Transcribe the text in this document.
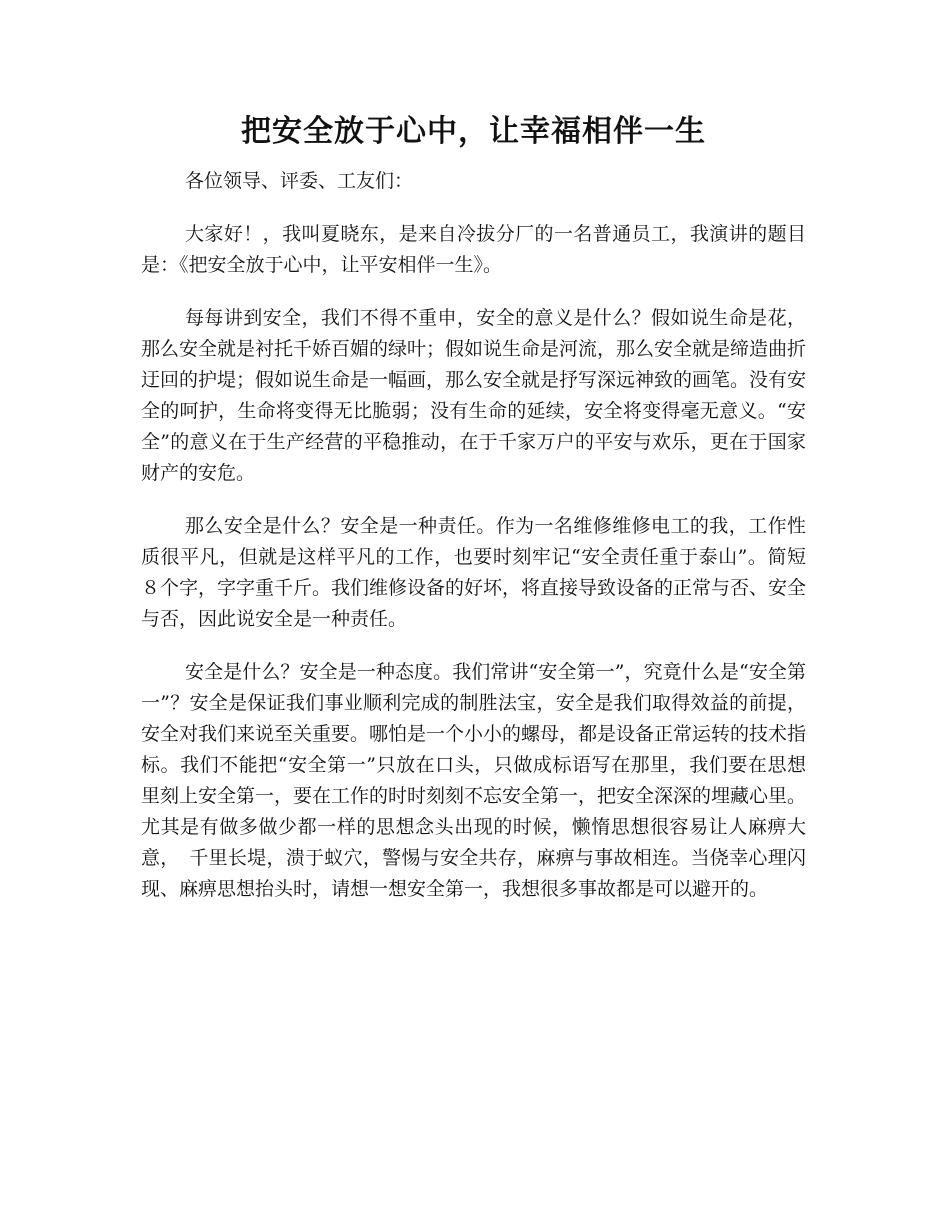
把安全放于心中，让幸福相伴一生

各位领导、评委、工友们：

大家好！，我叫夏晓东，是来自冷拔分厂的一名普通员工，我演讲的题目是：《把安全放于心中，让平安相伴一生》。

每每讲到安全，我们不得不重申，安全的意义是什么？假如说生命是花，那么安全就是衬托千娇百媚的绿叶；假如说生命是河流，那么安全就是缔造曲折迂回的护堤；假如说生命是一幅画，那么安全就是抒写深远神致的画笔。没有安全的呵护，生命将变得无比脆弱；没有生命的延续，安全将变得毫无意义。“安全”的意义在于生产经营的平稳推动，在于千家万户的平安与欢乐，更在于国家财产的安危。

那么安全是什么？安全是一种责任。作为一名维修维修电工的我，工作性质很平凡，但就是这样平凡的工作，也要时刻牢记“安全责任重于泰山”。简短８个字，字字重千斤。我们维修设备的好坏，将直接导致设备的正常与否、安全与否，因此说安全是一种责任。

安全是什么？安全是一种态度。我们常讲“安全第一”，究竟什么是“安全第一”？安全是保证我们事业顺利完成的制胜法宝，安全是我们取得效益的前提，安全对我们来说至关重要。哪怕是一个小小的螺母，都是设备正常运转的技术指标。我们不能把“安全第一”只放在口头，只做成标语写在那里，我们要在思想里刻上安全第一，要在工作的时时刻刻不忘安全第一，把安全深深的埋藏心里。尤其是有做多做少都一样的思想念头出现的时候，懒惰思想很容易让人麻痹大意，　千里长堤，溃于蚁穴，警惕与安全共存，麻痹与事故相连。当侥幸心理闪现、麻痹思想抬头时，请想一想安全第一，我想很多事故都是可以避开的。
